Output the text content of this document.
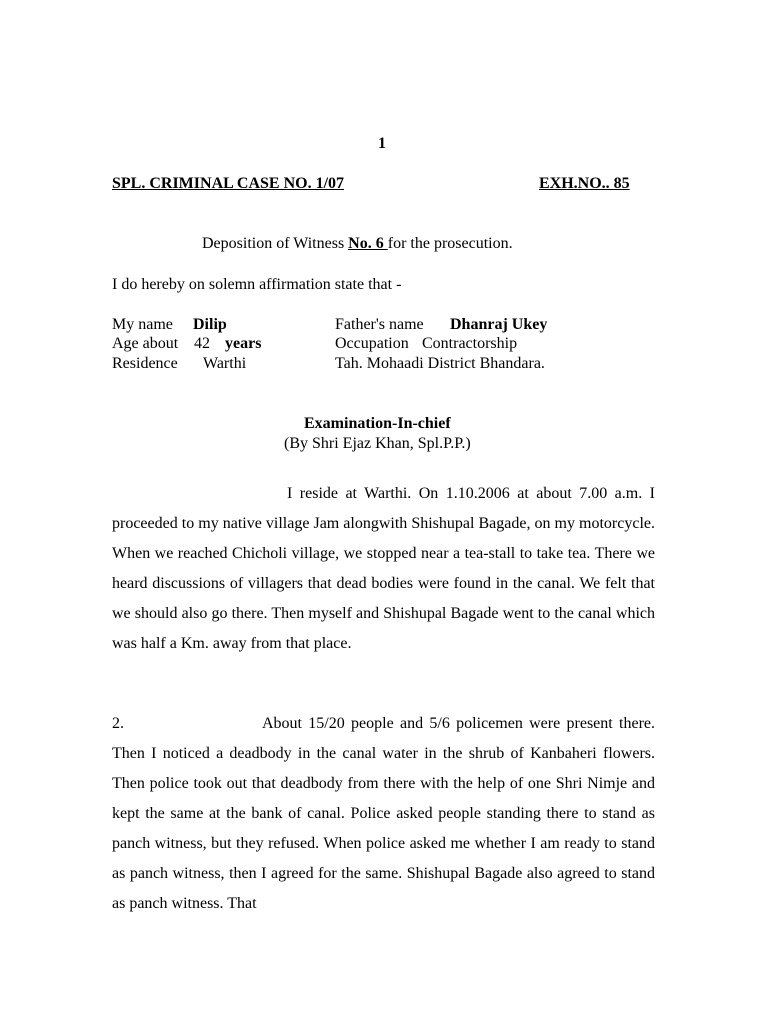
1
SPL. CRIMINAL CASE NO. 1/07	EXH.NO.. 85
Deposition of Witness No. 6 for the prosecution.
I do hereby on solemn affirmation state that -
My name Dilip
Age about 42 years
Residence Warthi
Father's name Dhanraj Ukey
Occupation Contractorship
Tah. Mohaadi District Bhandara.
Examination-In-chief
(By Shri Ejaz Khan, Spl.P.P.)
I reside at Warthi. On 1.10.2006 at about 7.00 a.m. I proceeded to my native village Jam alongwith Shishupal Bagade, on my motorcycle. When we reached Chicholi village, we stopped near a tea-stall to take tea. There we heard discussions of villagers that dead bodies were found in the canal. We felt that we should also go there. Then myself and Shishupal Bagade went to the canal which was half a Km. away from that place.
2.	About 15/20 people and 5/6 policemen were present there. Then I noticed a deadbody in the canal water in the shrub of Kanbaheri flowers. Then police took out that deadbody from there with the help of one Shri Nimje and kept the same at the bank of canal. Police asked people standing there to stand as panch witness, but they refused. When police asked me whether I am ready to stand as panch witness, then I agreed for the same. Shishupal Bagade also agreed to stand as panch witness. That
